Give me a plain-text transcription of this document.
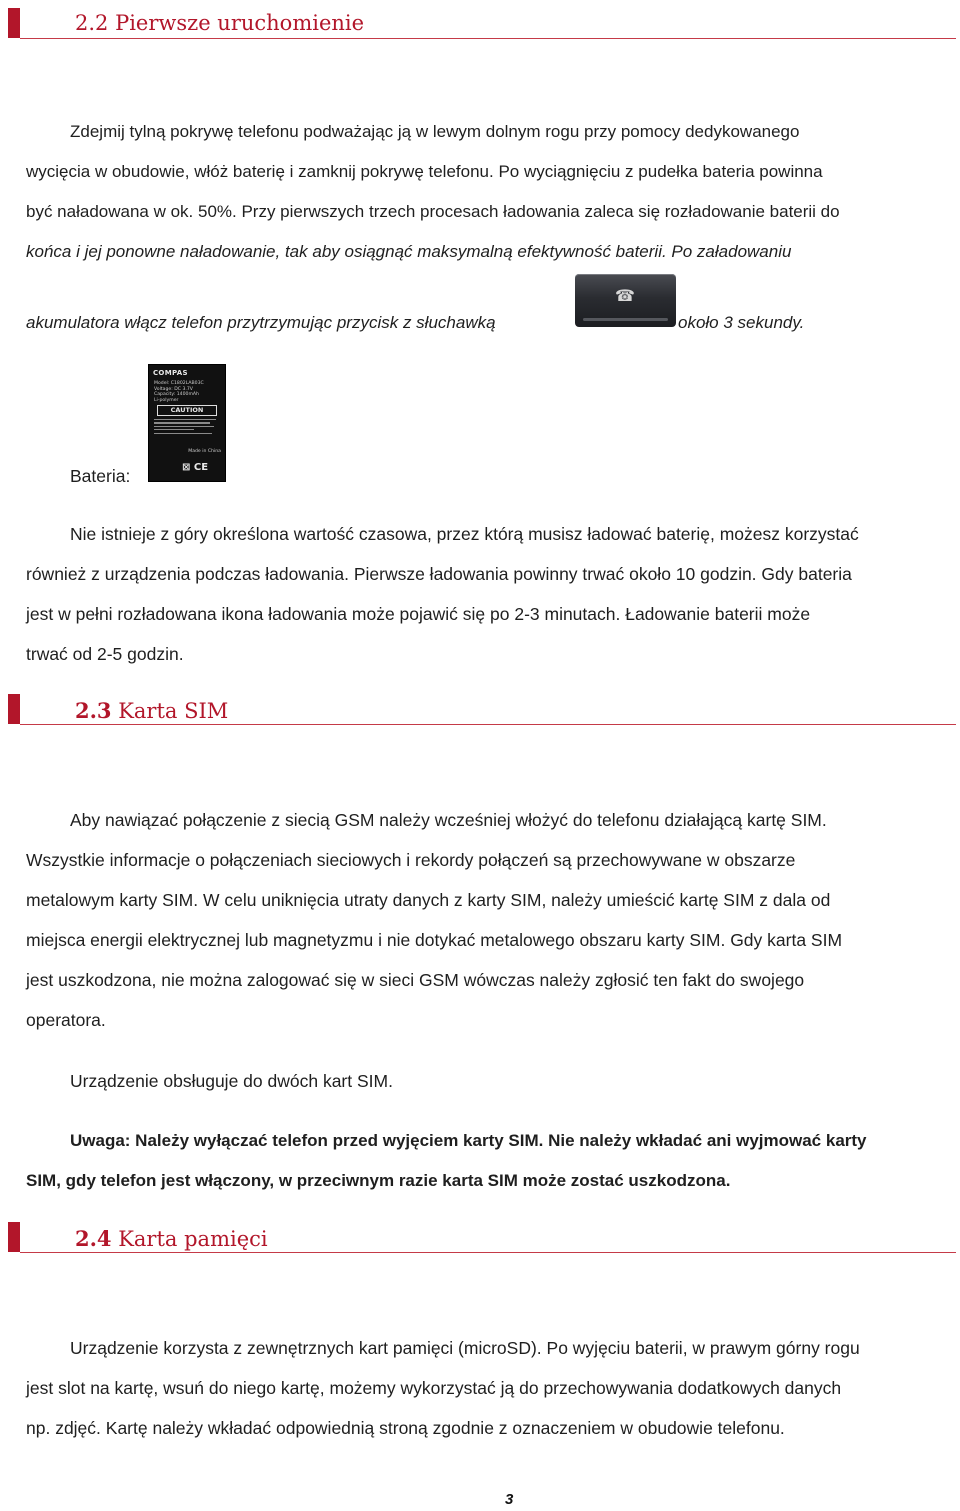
2.2 Pierwsze uruchomienie
Zdejmij tylną pokrywę telefonu podważając ją w lewym dolnym rogu przy pomocy dedykowanego
wycięcia w obudowie, włóż baterię i zamknij pokrywę telefonu. Po wyciągnięciu z pudełka bateria powinna
być naładowana w ok. 50%. Przy pierwszych trzech procesach ładowania zaleca się rozładowanie baterii do
końca i jej ponowne naładowanie, tak aby osiągnąć maksymalną efektywność baterii. Po załadowaniu
akumulatora włącz telefon przytrzymując przycisk z słuchawką
☎
około 3 sekundy.
COMPAS
Model: C1802LAB03C
Voltage: DC 3.7V
Capacity: 1400mAh
Li-polymer
CAUTION
Made in China
⊠ CE
Bateria:
Nie istnieje z góry określona wartość czasowa, przez którą musisz ładować baterię, możesz korzystać
również z urządzenia podczas ładowania. Pierwsze ładowania powinny trwać około 10 godzin. Gdy bateria
jest w pełni rozładowana ikona ładowania może pojawić się po 2-3 minutach. Ładowanie baterii może
trwać od 2-5 godzin.
2.3 Karta SIM
Aby nawiązać połączenie z siecią GSM należy wcześniej włożyć do telefonu działającą kartę SIM.
Wszystkie informacje o połączeniach sieciowych i rekordy połączeń są przechowywane w obszarze
metalowym karty SIM. W celu uniknięcia utraty danych z karty SIM, należy umieścić kartę SIM z dala od
miejsca energii elektrycznej lub magnetyzmu i nie dotykać metalowego obszaru karty SIM. Gdy karta SIM
jest uszkodzona, nie można zalogować się w sieci GSM wówczas należy zgłosić ten fakt do swojego
operatora.
Urządzenie obsługuje do dwóch kart SIM.
Uwaga: Należy wyłączać telefon przed wyjęciem karty SIM. Nie należy wkładać ani wyjmować karty
SIM, gdy telefon jest włączony, w przeciwnym razie karta SIM może zostać uszkodzona.
2.4 Karta pamięci
Urządzenie korzysta z zewnętrznych kart pamięci (microSD). Po wyjęciu baterii, w prawym górny rogu
jest slot na kartę, wsuń do niego kartę, możemy wykorzystać ją do przechowywania dodatkowych danych
np. zdjęć. Kartę należy wkładać odpowiednią stroną zgodnie z oznaczeniem w obudowie telefonu.
3
